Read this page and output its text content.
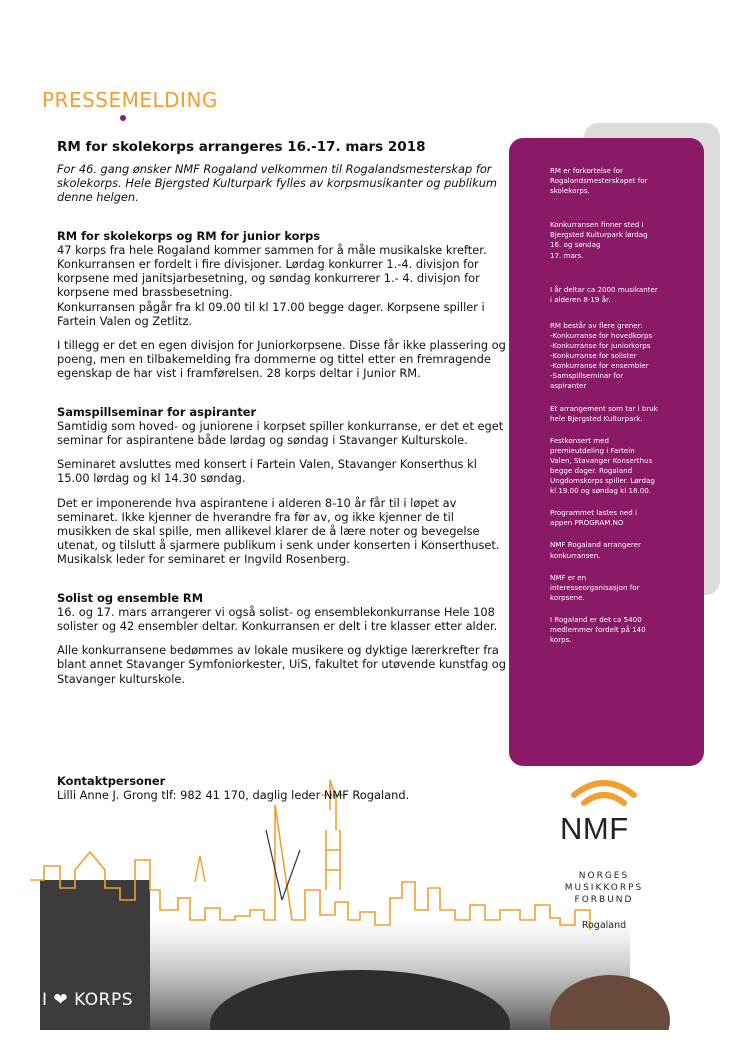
PRESSEMELDING
RM for skolekorps arrangeres 16.-17. mars 2018

For 46. gang ønsker NMF Rogaland velkommen til Rogalandsmesterskap for skolekorps. Hele Bjergsted Kulturpark fylles av korpsmusikanter og publikum denne helgen.

RM for skolekorps og RM for junior korps

47 korps fra hele Rogaland kommer sammen for å måle musikalske krefter. Konkurransen er fordelt i fire divisjoner. Lørdag konkurrer 1.-4. divisjon for korpsene med janitsjarbesetning, og søndag konkurrerer 1.- 4. divisjon for korpsene med brassbesetning.

Konkurransen pågår fra kl 09.00 til kl 17.00 begge dager. Korpsene spiller i Fartein Valen og Zetlitz.

I tillegg er det en egen divisjon for Juniorkorpsene. Disse får ikke plassering og poeng, men en tilbakemelding fra dommerne og tittel etter en fremragende egenskap de har vist i framførelsen. 28 korps deltar i Junior RM.

Samspillseminar for aspiranter

Samtidig som hoved- og juniorene i korpset spiller konkurranse, er det et eget seminar for aspirantene både lørdag og søndag i Stavanger Kulturskole.

Seminaret avsluttes med konsert i Fartein Valen, Stavanger Konserthus kl 15.00 lørdag og kl 14.30 søndag.

Det er imponerende hva aspirantene i alderen 8-10 år får til i løpet av seminaret. Ikke kjenner de hverandre fra før av, og ikke kjenner de til musikken de skal spille, men allikevel klarer de å lære noter og bevegelse utenat, og tilslutt å sjarmere publikum i senk under konserten i Konserthuset. Musikalsk leder for seminaret er Ingvild Rosenberg.

Solist og ensemble RM

16. og 17. mars arrangerer vi også solist- og ensemblekonkurranse Hele 108 solister og 42 ensembler deltar. Konkurransen er delt i tre klasser etter alder.

Alle konkurransene bedømmes av lokale musikere og dyktige lærerkrefter fra blant annet Stavanger Symfoniorkester, UiS, fakultet for utøvende kunstfag og Stavanger kulturskole.

RM er forkortelse for
Rogalandsmesterskapet for
skolekorps.

Konkurransen finner sted i
Bjergsted Kulturpark lørdag
16. og søndag
17. mars.

I år deltar ca 2000 musikanter
i alderen 8-19 år.

RM består av flere grener:
-Konkurranse for hovedkorps
-Konkurranse for juniorkorps
-Konkurranse for solister
-Konkurranse for ensembler
-Samspillseminar for
aspiranter

Et arrangement som tar i bruk
hele Bjergsted Kulturpark.

Festkonsert med
premieutdeling i Fartein
Valen, Stavanger Konserthus
begge dager. Rogaland
Ungdomskorps spiller. Lørdag
kl 19.00 og søndag kl 18.00.

Programmet lastes ned i
appen PROGRAM.NO

NMF Rogaland arrangerer
konkurransen.

NMF er en
interesseorganisasjon for
korpsene.

I Rogaland er det ca 5400
medlemmer fordelt på 140
korps.

I ❤ KORPS
Kontaktpersoner
Lilli Anne J. Grong tlf: 982 41 170, daglig leder NMF Rogaland.
NMF
NORGES
MUSIKKORPS
FORBUND
Rogaland
